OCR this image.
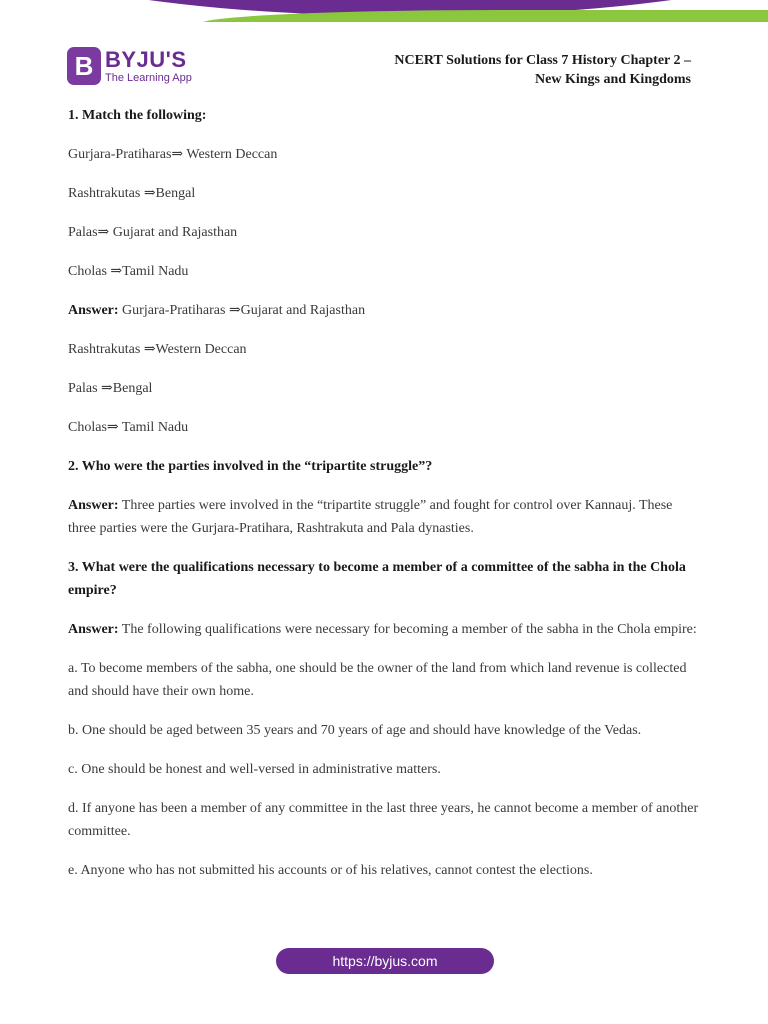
B BYJU'S
The Learning App
NCERT Solutions for Class 7 History Chapter 2 –
New Kings and Kingdoms

1. Match the following:

Gurjara-Pratiharas⇒ Western Deccan

Rashtrakutas ⇒Bengal

Palas⇒ Gujarat and Rajasthan

Cholas ⇒Tamil Nadu

Answer: Gurjara-Pratiharas ⇒Gujarat and Rajasthan

Rashtrakutas ⇒Western Deccan

Palas ⇒Bengal

Cholas⇒ Tamil Nadu

2. Who were the parties involved in the “tripartite struggle”?

Answer: Three parties were involved in the “tripartite struggle” and fought for control over Kannauj. These three parties were the Gurjara-Pratihara, Rashtrakuta and Pala dynasties.

3. What were the qualifications necessary to become a member of a committee of the sabha in the Chola empire?

Answer: The following qualifications were necessary for becoming a member of the sabha in the Chola empire:

a. To become members of the sabha, one should be the owner of the land from which land revenue is collected and should have their own home.

b. One should be aged between 35 years and 70 years of age and should have knowledge of the Vedas.

c. One should be honest and well-versed in administrative matters.

d. If anyone has been a member of any committee in the last three years, he cannot become a member of another committee.

e. Anyone who has not submitted his accounts or of his relatives, cannot contest the elections.

https://byjus.com
